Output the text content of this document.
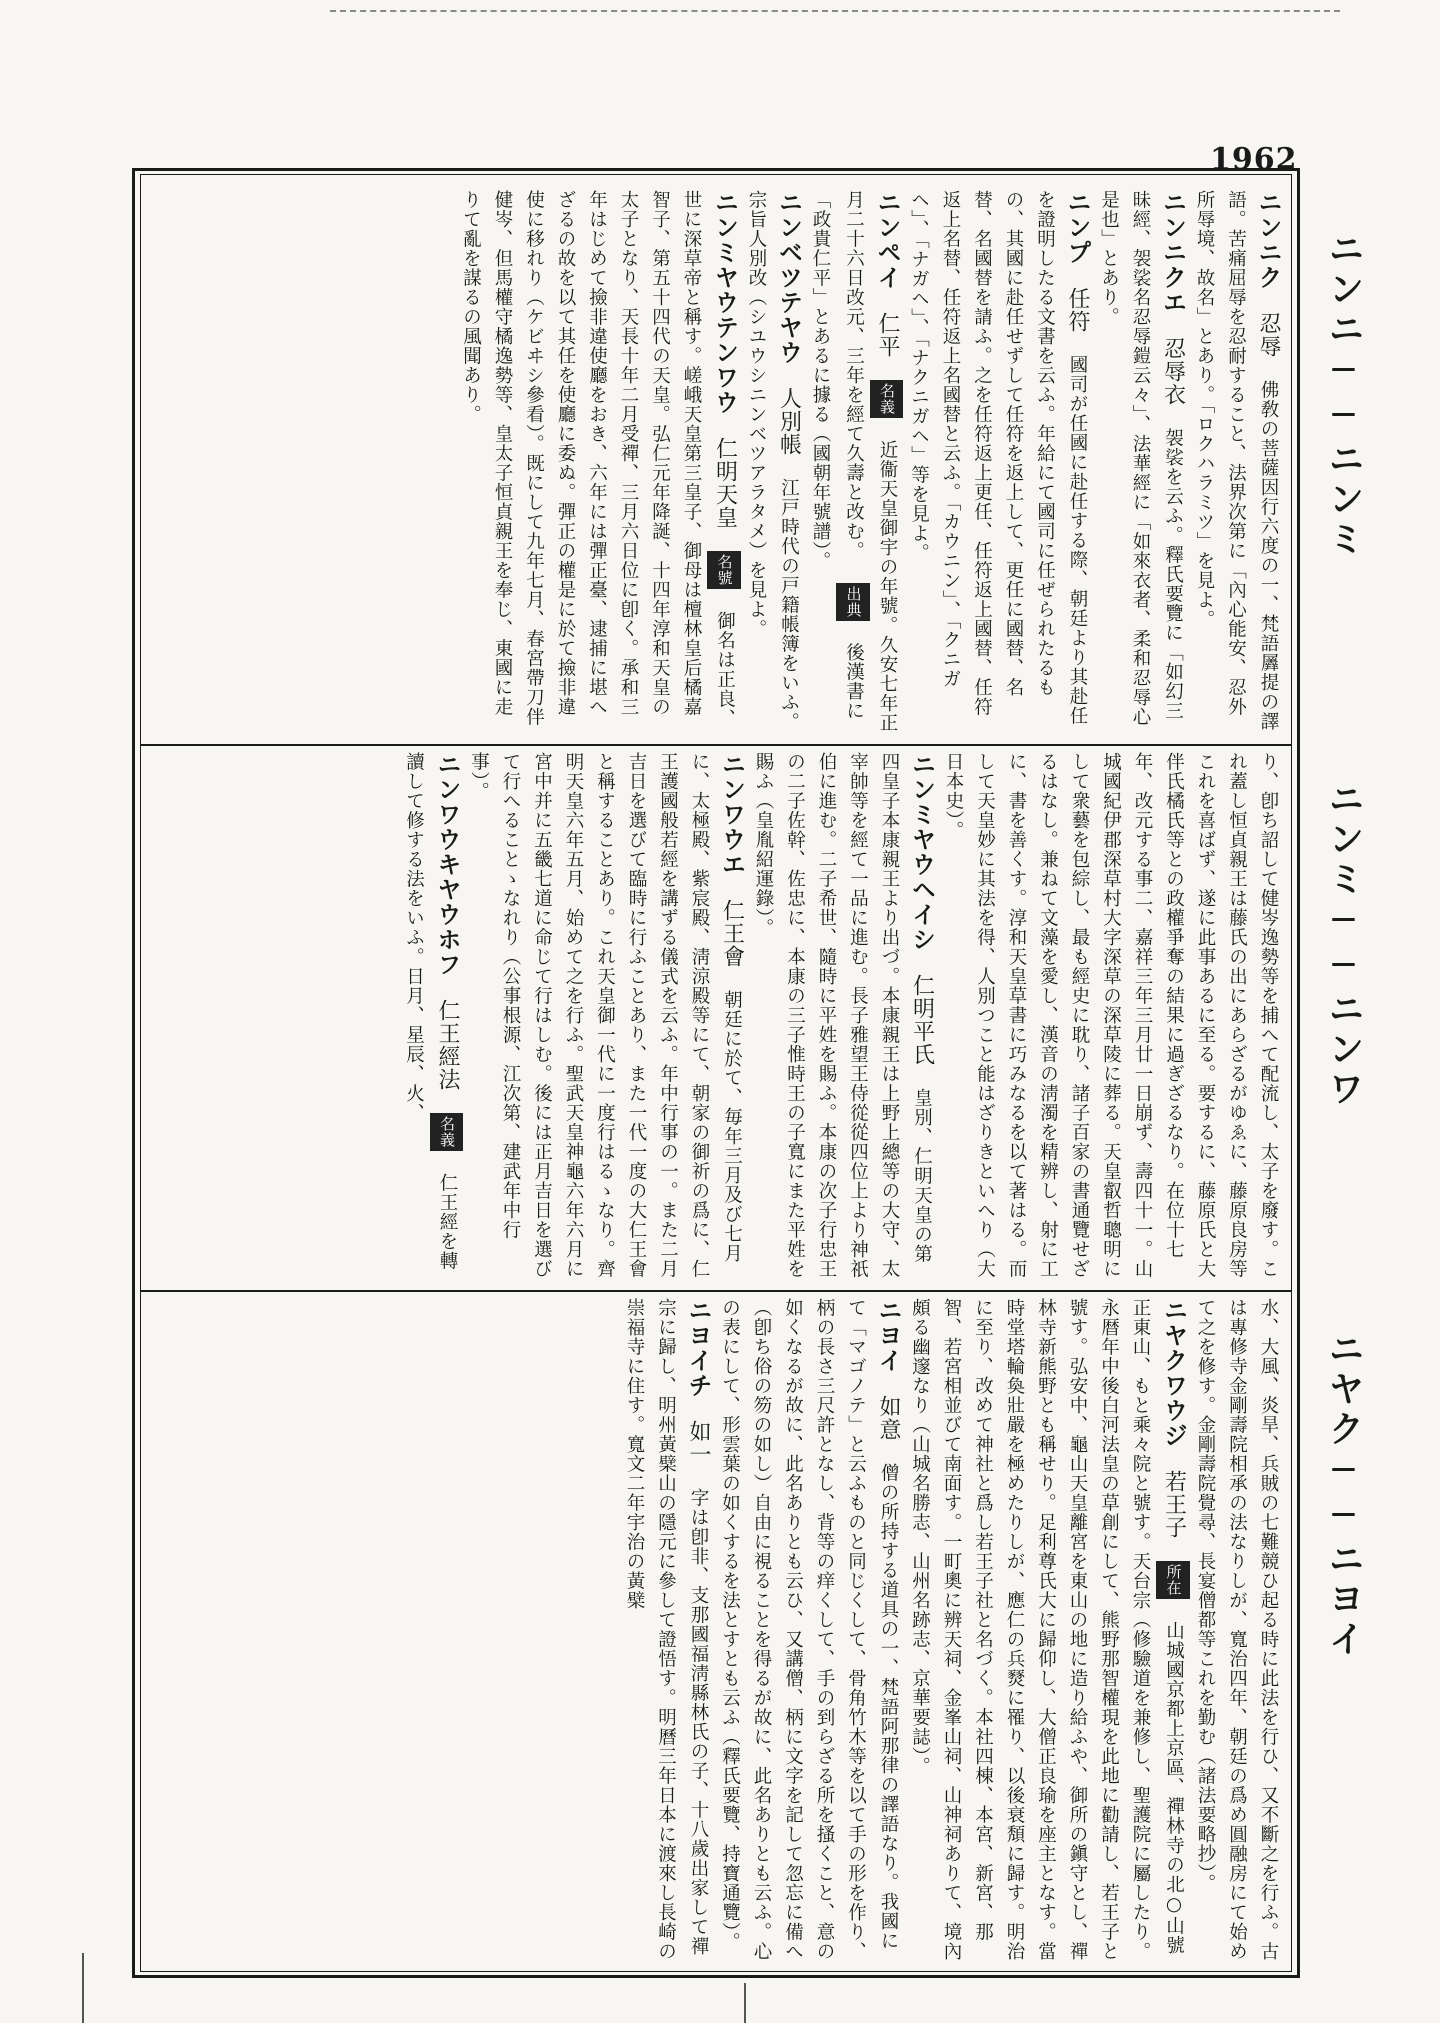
1962
ニンニ──ニンミ
ニンミ──ニンワ
ニヤク──ニヨイ
ニンニク 忍辱 佛敎の菩薩因行六度の一、梵語羼提の譯語。苦痛屈辱を忍耐すること、法界次第に「內心能安、忍外所辱境、故名」とあり。「ロクハラミツ」を見よ。
ニンニクエ 忍辱衣 袈裟を云ふ。釋氏要覽に「如幻三昧經、袈裟名忍辱鎧云々」、法華經に「如來衣者、柔和忍辱心是也」とあり。
ニンプ 任符 國司が任國に赴任する際、朝廷より其赴任を證明したる文書を云ふ。年給にて國司に任ぜられたるもの、其國に赴任せずして任符を返上して、更任に國替、名替、名國替を請ふ。之を任符返上更任、任符返上國替、任符返上名替、任符返上名國替と云ふ。「カウニン」、「クニガヘ」、「ナガヘ」、「ナクニガヘ」等を見よ。
ニンペイ 仁平 名義 近衞天皇御宇の年號。久安七年正月二十六日改元、三年を經て久壽と改む。 出典 後漢書に「政貴仁平」とあるに據る（國朝年號譜）。
ニンベツテヤウ 人別帳 江戸時代の戸籍帳簿をいふ。宗旨人別改（シユウシニンベツアラタメ）を見よ。
ニンミヤウテンワウ 仁明天皇 名號 御名は正良、世に深草帝と稱す。嵯峨天皇第三皇子、御母は檀林皇后橘嘉智子、第五十四代の天皇。弘仁元年降誕、十四年淳和天皇の太子となり、天長十年二月受禪、三月六日位に卽く。承和三年はじめて撿非違使廳をおき、六年には彈正臺、逮捕に堪へざるの故を以て其任を使廳に委ぬ。彈正の權是に於て撿非違使に移れり（ケビヰシ參看）。既にして九年七月、春宮帶刀伴健岑、但馬權守橘逸勢等、皇太子恒貞親王を奉じ、東國に走りて亂を謀るの風聞あり。
り、卽ち詔して健岑逸勢等を捕へて配流し、太子を廢す。これ蓋し恒貞親王は藤氏の出にあらざるがゆゑに、藤原良房等これを喜ばず、遂に此事あるに至る。要するに、藤原氏と大伴氏橘氏等との政權爭奪の結果に過ぎざるなり。在位十七年、改元する事二、嘉祥三年三月廿一日崩ず、壽四十一。山城國紀伊郡深草村大字深草の深草陵に葬る。天皇叡哲聰明にして衆藝を包綜し、最も經史に耽り、諸子百家の書通覽せざるはなし。兼ねて文藻を愛し、漢音の淸濁を精辨し、射に工に、書を善くす。淳和天皇草書に巧みなるを以て著はる。而して天皇妙に其法を得、人別つこと能はざりきといへり（大日本史）。
ニンミヤウヘイシ 仁明平氏 皇別、仁明天皇の第四皇子本康親王より出づ。本康親王は上野上總等の大守、太宰帥等を經て一品に進む。長子雅望王侍從從四位上より神祇伯に進む。二子希世、隨時に平姓を賜ふ。本康の次子行忠王の二子佐幹、佐忠に、本康の三子惟時王の子寬にまた平姓を賜ふ（皇胤紹運錄）。
ニンワウエ 仁王會 朝廷に於て、毎年三月及び七月に、太極殿、紫宸殿、淸涼殿等にて、朝家の御祈の爲に、仁王護國般若經を講ずる儀式を云ふ。年中行事の一。また二月吉日を選びて臨時に行ふことあり、また一代一度の大仁王會と稱することあり。これ天皇御一代に一度行はるゝなり。齊明天皇六年五月、始めて之を行ふ。聖武天皇神龜六年六月に宮中并に五畿七道に命じて行はしむ。後には正月吉日を選びて行へることゝなれり（公事根源、江次第、建武年中行事）。
ニンワウキヤウホフ 仁王經法 名義 仁王經を轉讀して修する法をいふ。日月、星辰、火、
水、大風、炎旱、兵賊の七難競ひ起る時に此法を行ひ、又不斷之を行ふ。古は專修寺金剛壽院相承の法なりしが、寬治四年、朝廷の爲め圓融房にて始めて之を修す。金剛壽院覺尋、長宴僧都等これを勤む（諸法要略抄）。
ニヤクワウジ 若王子 所在 山城國京都上京區、禪林寺の北○山號正東山、もと乘々院と號す。天台宗（修驗道を兼修し、聖護院に屬したり。永暦年中後白河法皇の草創にして、熊野那智權現を此地に勸請し、若王子と號す。弘安中、龜山天皇離宮を東山の地に造り給ふや、御所の鎭守とし、禪林寺新熊野とも稱せり。足利尊氏大に歸仰し、大僧正良瑜を座主となす。當時堂塔輪奐壯嚴を極めたりしが、應仁の兵燹に罹り、以後衰頽に歸す。明治に至り、改めて神社と爲し若王子社と名づく。本社四棟、本宮、新宮、那智、若宮相並びて南面す。一町奧に辨天祠、金峯山祠、山神祠ありて、境內頗る幽邃なり（山城名勝志、山州名跡志、京華要誌）。
ニヨイ 如意 僧の所持する道具の一、梵語阿那律の譯語なり。我國にて「マゴノテ」と云ふものと同じくして、骨角竹木等を以て手の形を作り、柄の長さ三尺許となし、背等の痒くして、手の到らざる所を搔くこと、意の如くなるが故に、此名ありとも云ひ、又講僧、柄に文字を記して忽忘に備へ（卽ち俗の笏の如し）自由に視ることを得るが故に、此名ありとも云ふ。心の表にして、形雲葉の如くするを法とすとも云ふ（釋氏要覽、持寶通覽）。
ニヨイチ 如一 字は卽非、支那國福淸縣林氏の子、十八歲出家して禪宗に歸し、明州黃檗山の隱元に參して證悟す。明曆三年日本に渡來し長崎の崇福寺に住す。寬文二年宇治の黃檗
